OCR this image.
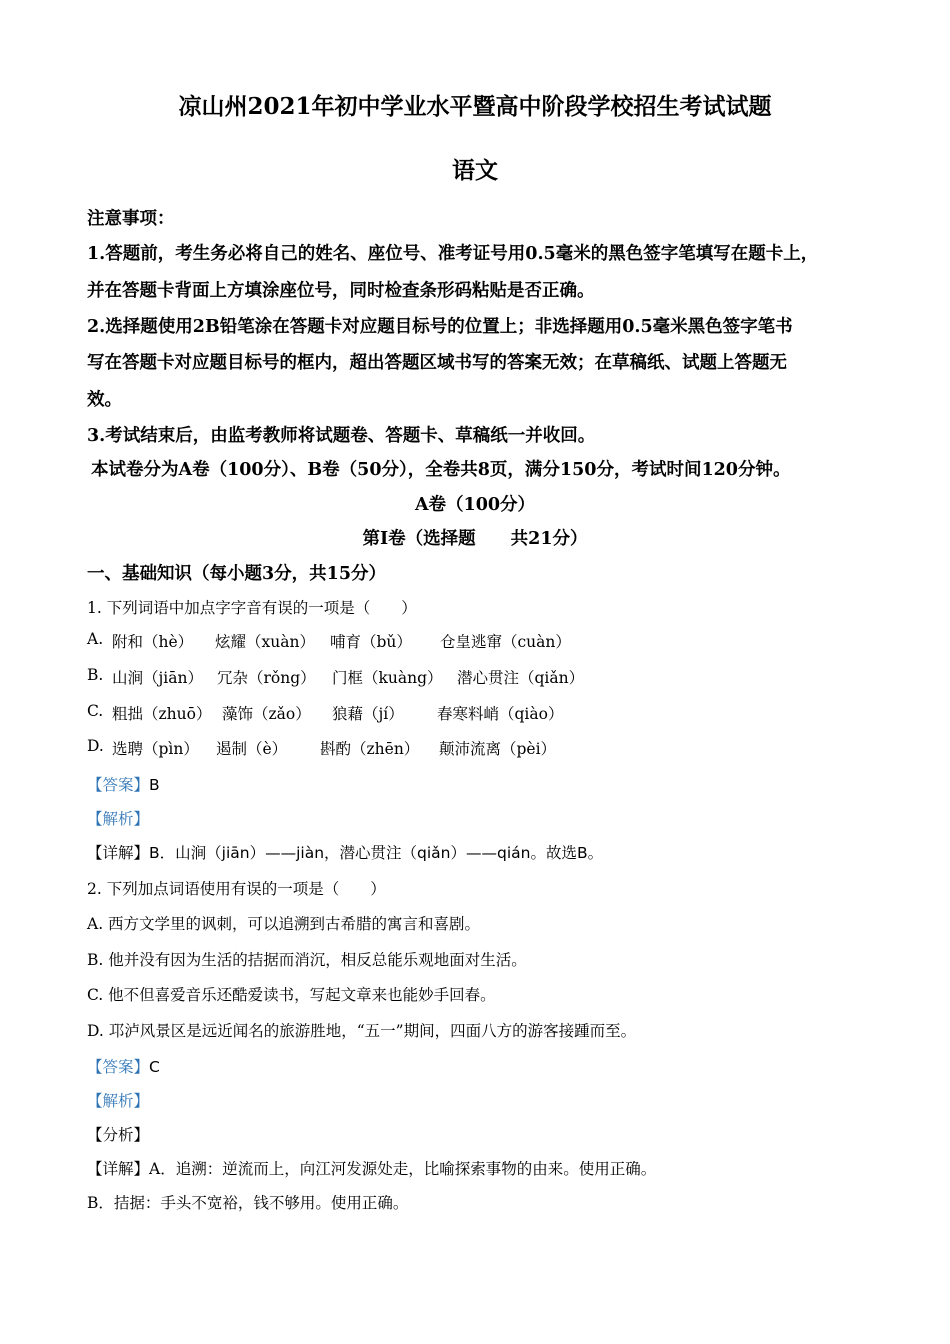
凉山州2021年初中学业水平暨高中阶段学校招生考试试题
语文
注意事项：
1.答题前，考生务必将自己的姓名、座位号、准考证号用0.5毫米的黑色签字笔填写在题卡上，
并在答题卡背面上方填涂座位号，同时检查条形码粘贴是否正确。
2.选择题使用2B铅笔涂在答题卡对应题目标号的位置上；非选择题用0.5毫米黑色签字笔书
写在答题卡对应题目标号的框内，超出答题区域书写的答案无效；在草稿纸、试题上答题无
效。
3.考试结束后，由监考教师将试题卷、答题卡、草稿纸一并收回。
本试卷分为A卷（100分）、B卷（50分），全卷共8页，满分150分，考试时间120分钟。
A卷（100分）
第Ⅰ卷（选择题　　共21分）
一、基础知识（每小题3分，共15分）
1. 下列词语中加点字字音有误的一项是（　　）
A. 附和（hè）	炫耀（xuàn） 哺育（bǔ）	仓皇逃窜（cuàn）
B. 山涧（jiān） 冗杂（rǒng）	门框（kuàng） 潜心贯注（qiǎn）
C. 粗拙（zhuō） 藻饰（zǎo）	狼藉（jí）	春寒料峭（qiào）
D. 选聘（pìn）	遏制（è）	斟酌（zhēn）	颠沛流离（pèi）
【答案】B
【解析】
【详解】B．山涧（jiān）——jiàn，潜心贯注（qiǎn）——qián。故选B。
2. 下列加点词语使用有误的一项是（　　）
A. 西方文学里的讽刺，可以追溯到古希腊的寓言和喜剧。
B. 他并没有因为生活的拮据而消沉，相反总能乐观地面对生活。
C. 他不但喜爱音乐还酷爱读书，写起文章来也能妙手回春。
D. 邛泸风景区是远近闻名的旅游胜地，“五一”期间，四面八方的游客接踵而至。
【答案】C
【解析】
【分析】
【详解】A．追溯：逆流而上，向江河发源处走，比喻探索事物的由来。使用正确。
B．拮据：手头不宽裕，钱不够用。使用正确。
